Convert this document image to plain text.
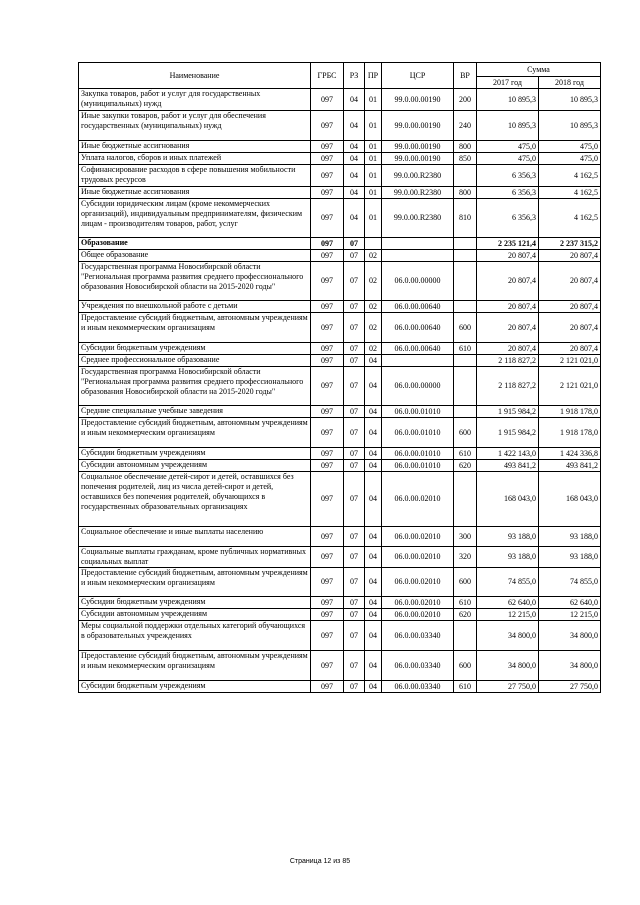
Наименование	ГРБС	РЗ	ПР	ЦСР	ВР	Сумма	
						2017 год	2018 год
Закупка товаров, работ и услуг для государственных (муниципальных) нужд	097	04	01	99.0.00.00190	200	10 895,3	10 895,3
Иные закупки товаров, работ и услуг для обеспечения государственных (муниципальных) нужд	097	04	01	99.0.00.00190	240	10 895,3	10 895,3
Иные бюджетные ассигнования	097	04	01	99.0.00.00190	800	475,0	475,0
Уплата налогов, сборов и иных платежей	097	04	01	99.0.00.00190	850	475,0	475,0
Софинансирование расходов в сфере повышения мобильности трудовых ресурсов	097	04	01	99.0.00.R2380		6 356,3	4 162,5
Иные бюджетные ассигнования	097	04	01	99.0.00.R2380	800	6 356,3	4 162,5
Субсидии юридическим лицам (кроме некоммерческих организаций), индивидуальным предпринимателям, физическим лицам - производителям товаров, работ, услуг	097	04	01	99.0.00.R2380	810	6 356,3	4 162,5
Образование	097	07				2 235 121,4	2 237 315,2
Общее образование	097	07	02			20 807,4	20 807,4
Государственная программа Новосибирской области "Региональная программа развития среднего профессионального образования Новосибирской области на 2015-2020 годы"	097	07	02	06.0.00.00000		20 807,4	20 807,4
Учреждения по внешкольной работе с детьми	097	07	02	06.0.00.00640		20 807,4	20 807,4
Предоставление субсидий бюджетным, автономным учреждениям и иным некоммерческим организациям	097	07	02	06.0.00.00640	600	20 807,4	20 807,4
Субсидии бюджетным учреждениям	097	07	02	06.0.00.00640	610	20 807,4	20 807,4
Среднее профессиональное образование	097	07	04			2 118 827,2	2 121 021,0
Государственная программа Новосибирской области "Региональная программа развития среднего профессионального образования Новосибирской области на 2015-2020 годы"	097	07	04	06.0.00.00000		2 118 827,2	2 121 021,0
Средние специальные учебные заведения	097	07	04	06.0.00.01010		1 915 984,2	1 918 178,0
Предоставление субсидий бюджетным, автономным учреждениям и иным некоммерческим организациям	097	07	04	06.0.00.01010	600	1 915 984,2	1 918 178,0
Субсидии бюджетным учреждениям	097	07	04	06.0.00.01010	610	1 422 143,0	1 424 336,8
Субсидии автономным учреждениям	097	07	04	06.0.00.01010	620	493 841,2	493 841,2
Социальное обеспечение детей-сирот и детей, оставшихся без попечения родителей, лиц из числа детей-сирот и детей, оставшихся без попечения родителей, обучающихся в государственных образовательных организациях	097	07	04	06.0.00.02010		168 043,0	168 043,0
Социальное обеспечение и иные выплаты населению	097	07	04	06.0.00.02010	300	93 188,0	93 188,0
Социальные выплаты гражданам, кроме публичных нормативных социальных выплат	097	07	04	06.0.00.02010	320	93 188,0	93 188,0
Предоставление субсидий бюджетным, автономным учреждениям и иным некоммерческим организациям	097	07	04	06.0.00.02010	600	74 855,0	74 855,0
Субсидии бюджетным учреждениям	097	07	04	06.0.00.02010	610	62 640,0	62 640,0
Субсидии автономным учреждениям	097	07	04	06.0.00.02010	620	12 215,0	12 215,0
Меры социальной поддержки отдельных категорий обучающихся в образовательных учреждениях	097	07	04	06.0.00.03340		34 800,0	34 800,0
Предоставление субсидий бюджетным, автономным учреждениям и иным некоммерческим организациям	097	07	04	06.0.00.03340	600	34 800,0	34 800,0
Субсидии бюджетным учреждениям	097	07	04	06.0.00.03340	610	27 750,0	27 750,0
Страница 12 из 85
